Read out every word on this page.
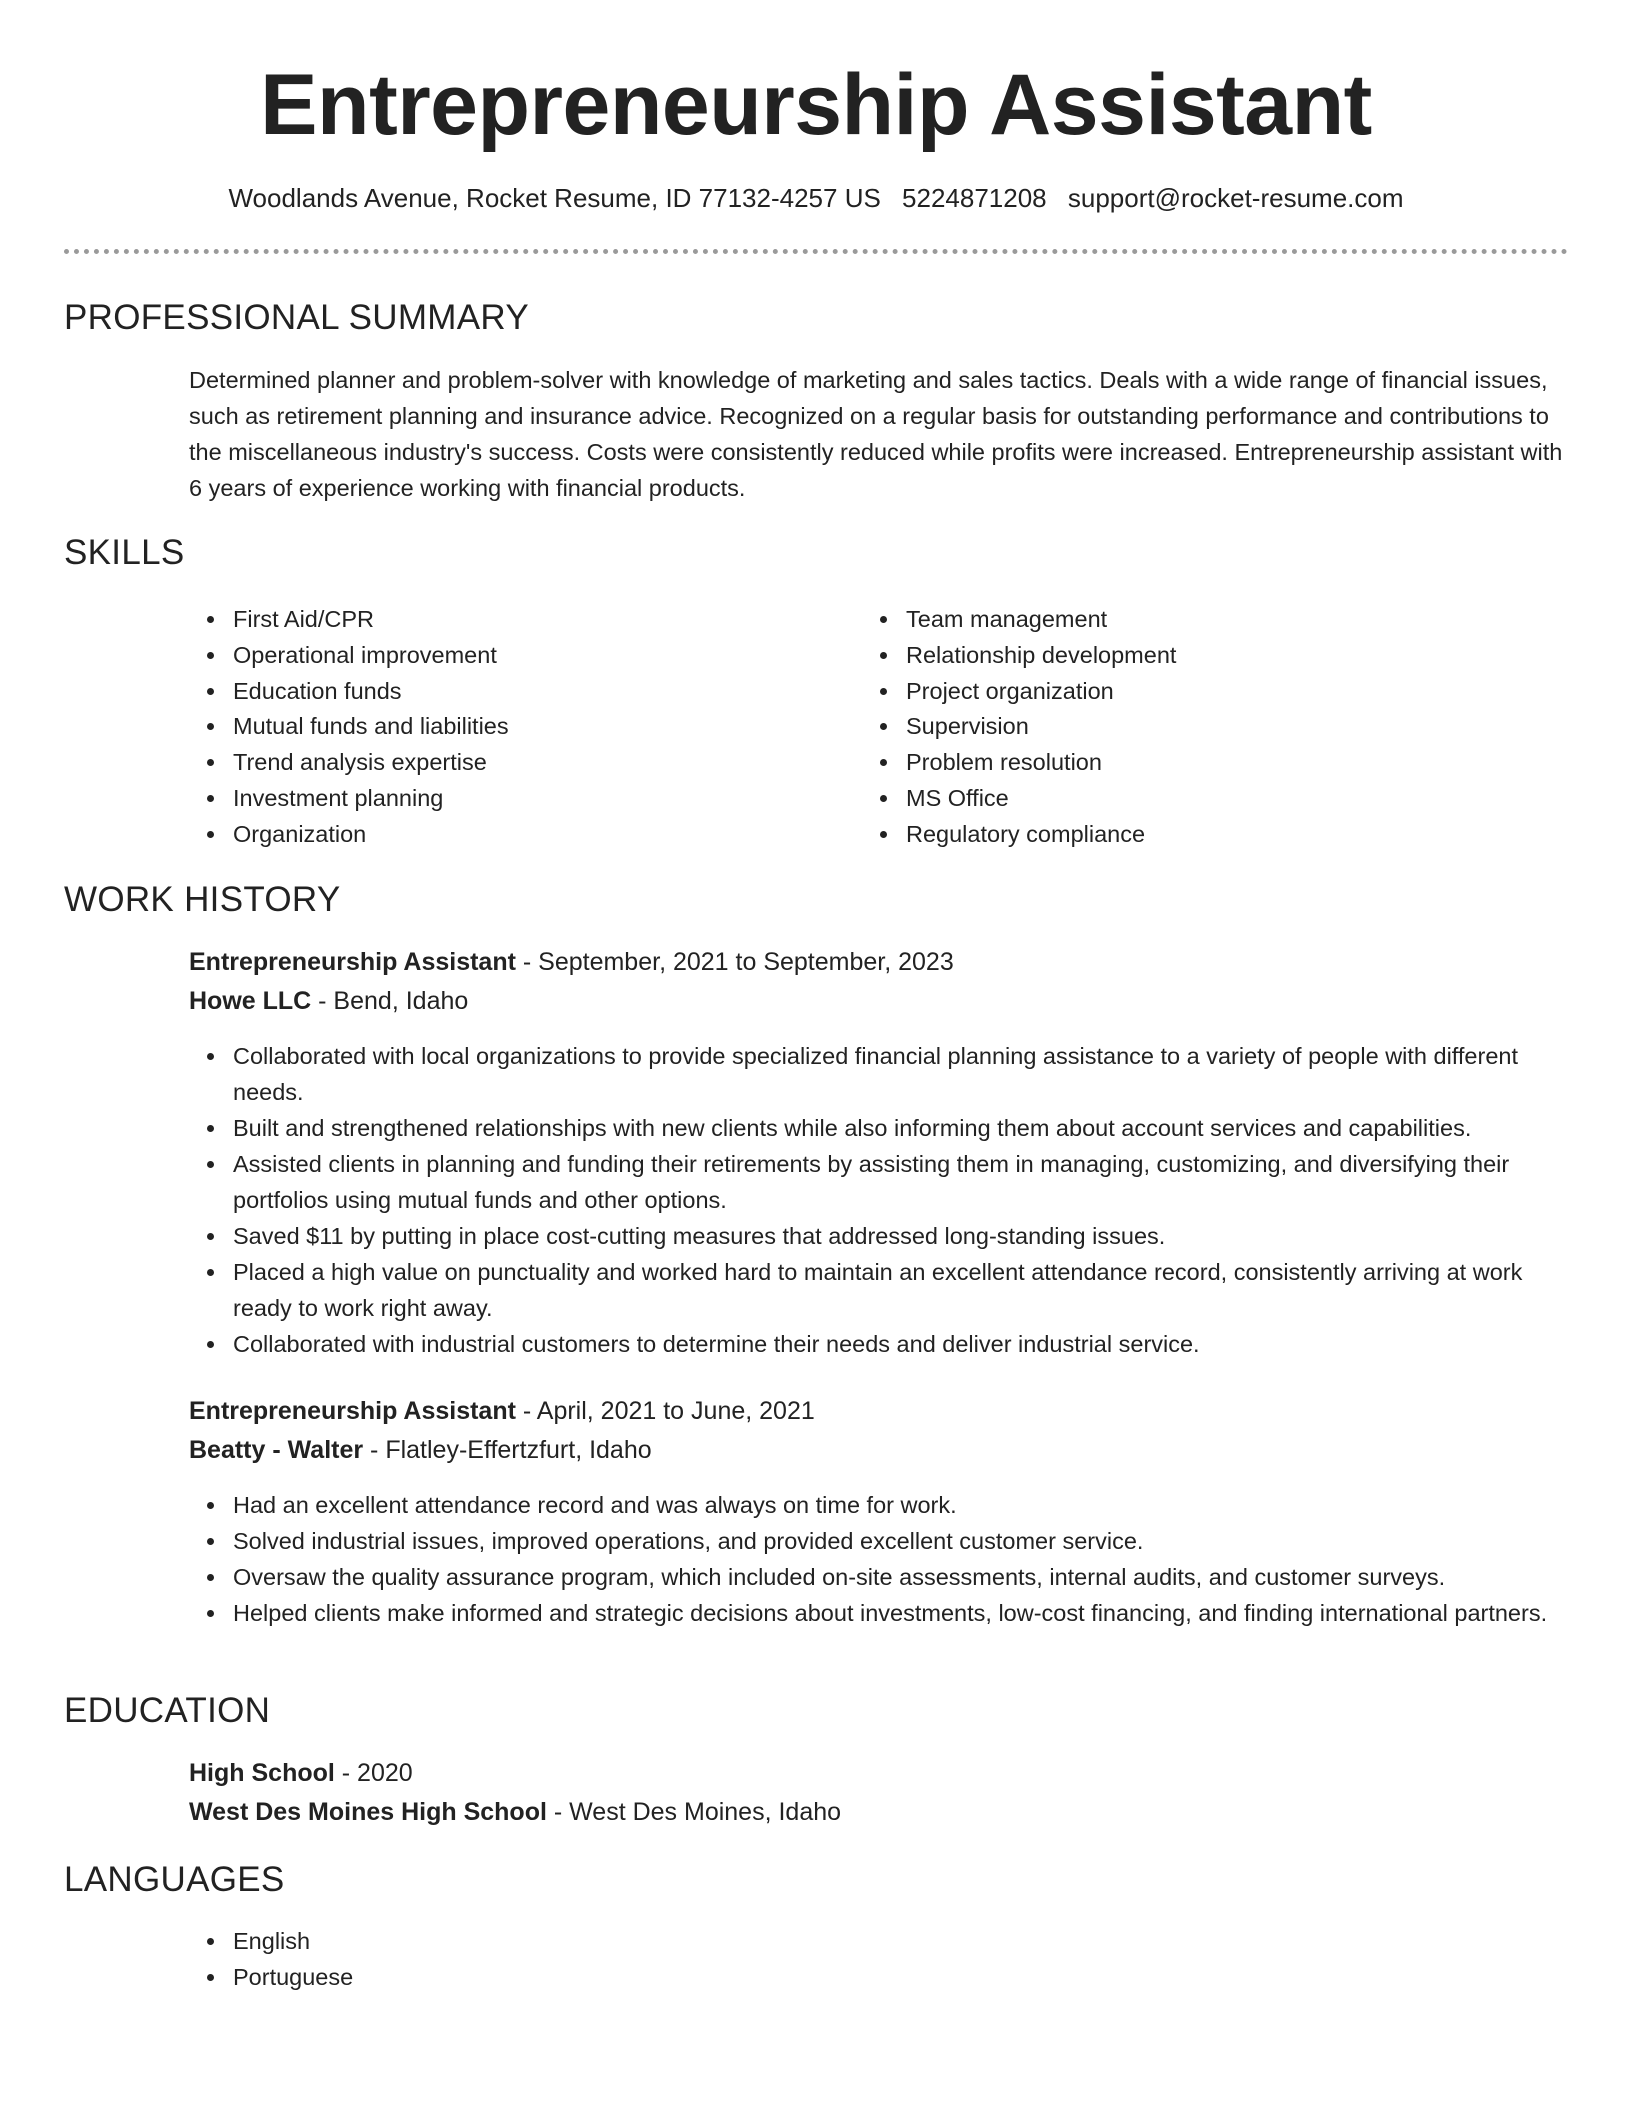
Entrepreneurship Assistant
Woodlands Avenue, Rocket Resume, ID 77132-4257 US 5224871208 support@rocket-resume.com
PROFESSIONAL SUMMARY

Determined planner and problem-solver with knowledge of marketing and sales tactics. Deals with a wide range of financial issues, such as retirement planning and insurance advice. Recognized on a regular basis for outstanding performance and contributions to the miscellaneous industry's success. Costs were consistently reduced while profits were increased. Entrepreneurship assistant with 6 years of experience working with financial products.

SKILLS
First Aid/CPR
Operational improvement
Education funds
Mutual funds and liabilities
Trend analysis expertise
Investment planning
Organization
Team management
Relationship development
Project organization
Supervision
Problem resolution
MS Office
Regulatory compliance
WORK HISTORY
Entrepreneurship Assistant - September, 2021 to September, 2023
Howe LLC - Bend, Idaho
Collaborated with local organizations to provide specialized financial planning assistance to a variety of people with different needs.
Built and strengthened relationships with new clients while also informing them about account services and capabilities.
Assisted clients in planning and funding their retirements by assisting them in managing, customizing, and diversifying their portfolios using mutual funds and other options.
Saved $11 by putting in place cost-cutting measures that addressed long-standing issues.
Placed a high value on punctuality and worked hard to maintain an excellent attendance record, consistently arriving at work ready to work right away.
Collaborated with industrial customers to determine their needs and deliver industrial service.
Entrepreneurship Assistant - April, 2021 to June, 2021
Beatty - Walter - Flatley-Effertzfurt, Idaho
Had an excellent attendance record and was always on time for work.
Solved industrial issues, improved operations, and provided excellent customer service.
Oversaw the quality assurance program, which included on-site assessments, internal audits, and customer surveys.
Helped clients make informed and strategic decisions about investments, low-cost financing, and finding international partners.
EDUCATION
High School - 2020
West Des Moines High School - West Des Moines, Idaho
LANGUAGES
English
Portuguese
